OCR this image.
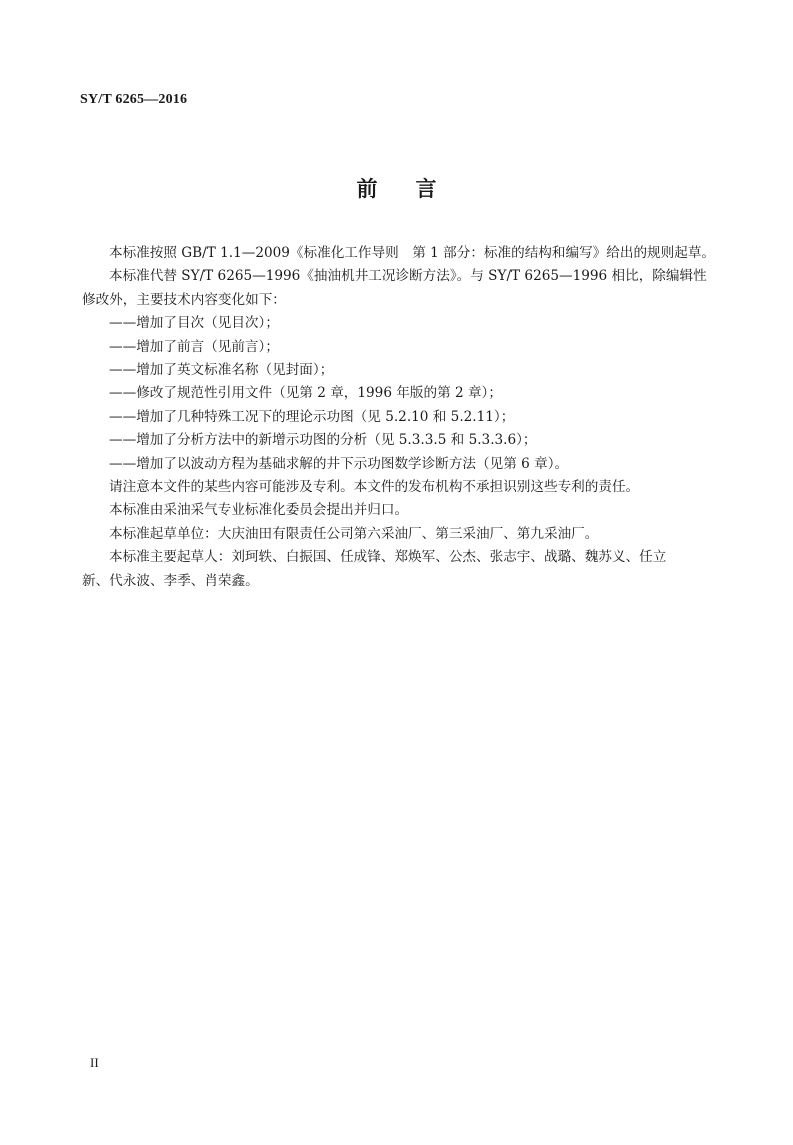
SY/T 6265—2016
前言

本标准按照 GB/T 1.1—2009《标准化工作导则　第 1 部分：标准的结构和编写》给出的规则起草。

本标准代替 SY/T 6265—1996《抽油机井工况诊断方法》。与 SY/T 6265—1996 相比，除编辑性

修改外，主要技术内容变化如下：

——增加了目次（见目次）；

——增加了前言（见前言）；

——增加了英文标准名称（见封面）；

——修改了规范性引用文件（见第 2 章，1996 年版的第 2 章）；

——增加了几种特殊工况下的理论示功图（见 5.2.10 和 5.2.11）；

——增加了分析方法中的新增示功图的分析（见 5.3.3.5 和 5.3.3.6）；

——增加了以波动方程为基础求解的井下示功图数学诊断方法（见第 6 章）。

请注意本文件的某些内容可能涉及专利。本文件的发布机构不承担识别这些专利的责任。

本标准由采油采气专业标准化委员会提出并归口。

本标准起草单位：大庆油田有限责任公司第六采油厂、第三采油厂、第九采油厂。

本标准主要起草人：刘珂轶、白振国、任成锋、郑焕军、公杰、张志宇、战璐、魏苏义、任立

新、代永波、李季、肖荣鑫。

II
